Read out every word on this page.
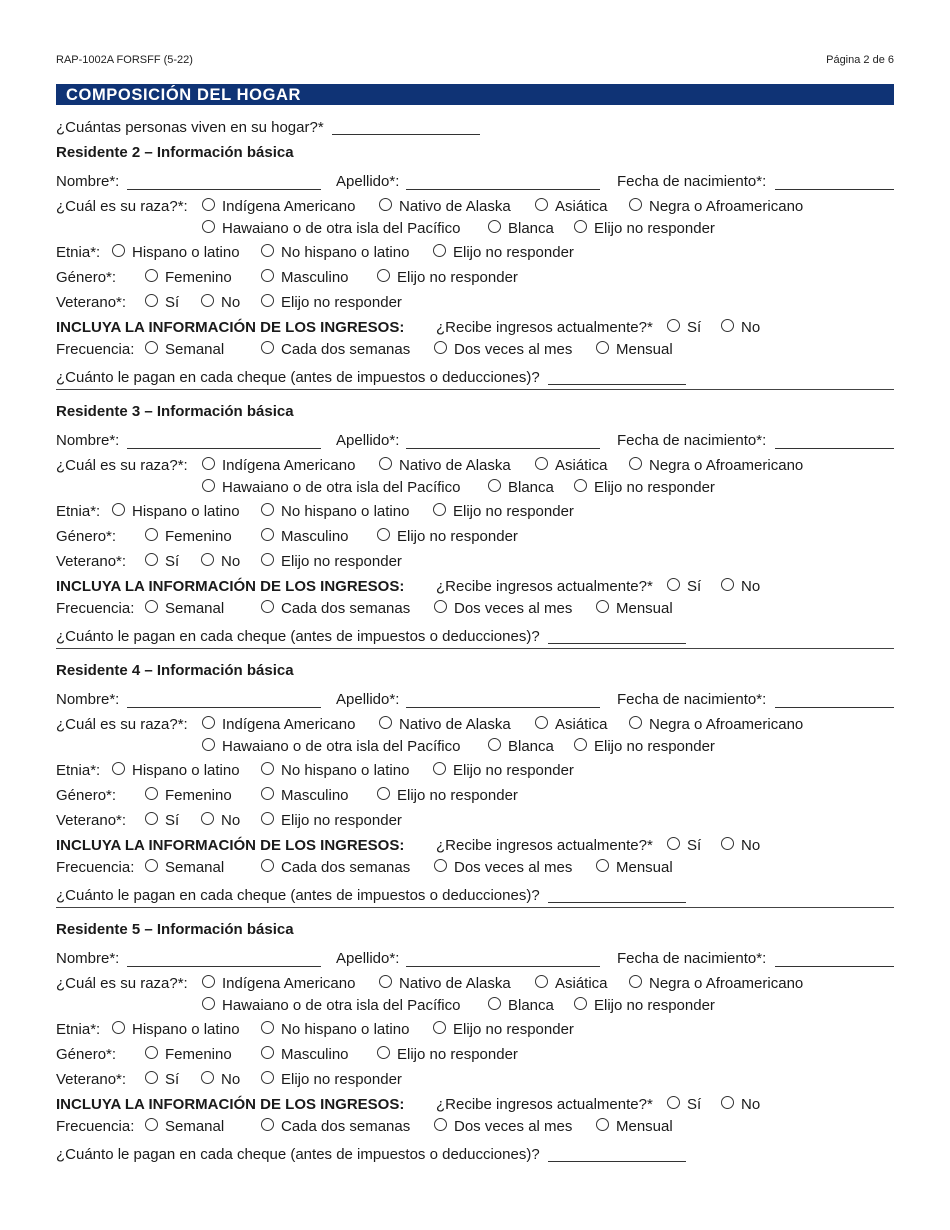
RAP-1002A FORSFF (5-22)	Página 2 de 6
COMPOSICIÓN DEL HOGAR
¿Cuántas personas viven en su hogar?*
Residente 2 – Información básica
Nombre*:	Apellido*:	Fecha de nacimiento*:
¿Cuál es su raza?*:	Indígena Americano	Nativo de Alaska	Asiática	Negra o Afroamericano
Hawaiano o de otra isla del Pacífico	Blanca	Elijo no responder
Etnia*:	Hispano o latino	No hispano o latino	Elijo no responder
Género*:	Femenino	Masculino	Elijo no responder
Veterano*:	Sí	No	Elijo no responder
INCLUYA LA INFORMACIÓN DE LOS INGRESOS: ¿Recibe ingresos actualmente?*	Sí	No
Frecuencia:	Semanal	Cada dos semanas	Dos veces al mes	Mensual
¿Cuánto le pagan en cada cheque (antes de impuestos o deducciones)?
Residente 3 – Información básica
Nombre*:	Apellido*:	Fecha de nacimiento*:
¿Cuál es su raza?*:	Indígena Americano	Nativo de Alaska	Asiática	Negra o Afroamericano
Hawaiano o de otra isla del Pacífico	Blanca	Elijo no responder
Etnia*:	Hispano o latino	No hispano o latino	Elijo no responder
Género*:	Femenino	Masculino	Elijo no responder
Veterano*:	Sí	No	Elijo no responder
INCLUYA LA INFORMACIÓN DE LOS INGRESOS: ¿Recibe ingresos actualmente?*	Sí	No
Frecuencia:	Semanal	Cada dos semanas	Dos veces al mes	Mensual
¿Cuánto le pagan en cada cheque (antes de impuestos o deducciones)?
Residente 4 – Información básica
Nombre*:	Apellido*:	Fecha de nacimiento*:
¿Cuál es su raza?*:	Indígena Americano	Nativo de Alaska	Asiática	Negra o Afroamericano
Hawaiano o de otra isla del Pacífico	Blanca	Elijo no responder
Etnia*:	Hispano o latino	No hispano o latino	Elijo no responder
Género*:	Femenino	Masculino	Elijo no responder
Veterano*:	Sí	No	Elijo no responder
INCLUYA LA INFORMACIÓN DE LOS INGRESOS: ¿Recibe ingresos actualmente?*	Sí	No
Frecuencia:	Semanal	Cada dos semanas	Dos veces al mes	Mensual
¿Cuánto le pagan en cada cheque (antes de impuestos o deducciones)?
Residente 5 – Información básica
Nombre*:	Apellido*:	Fecha de nacimiento*:
¿Cuál es su raza?*:	Indígena Americano	Nativo de Alaska	Asiática	Negra o Afroamericano
Hawaiano o de otra isla del Pacífico	Blanca	Elijo no responder
Etnia*:	Hispano o latino	No hispano o latino	Elijo no responder
Género*:	Femenino	Masculino	Elijo no responder
Veterano*:	Sí	No	Elijo no responder
INCLUYA LA INFORMACIÓN DE LOS INGRESOS: ¿Recibe ingresos actualmente?*	Sí	No
Frecuencia:	Semanal	Cada dos semanas	Dos veces al mes	Mensual
¿Cuánto le pagan en cada cheque (antes de impuestos o deducciones)?
